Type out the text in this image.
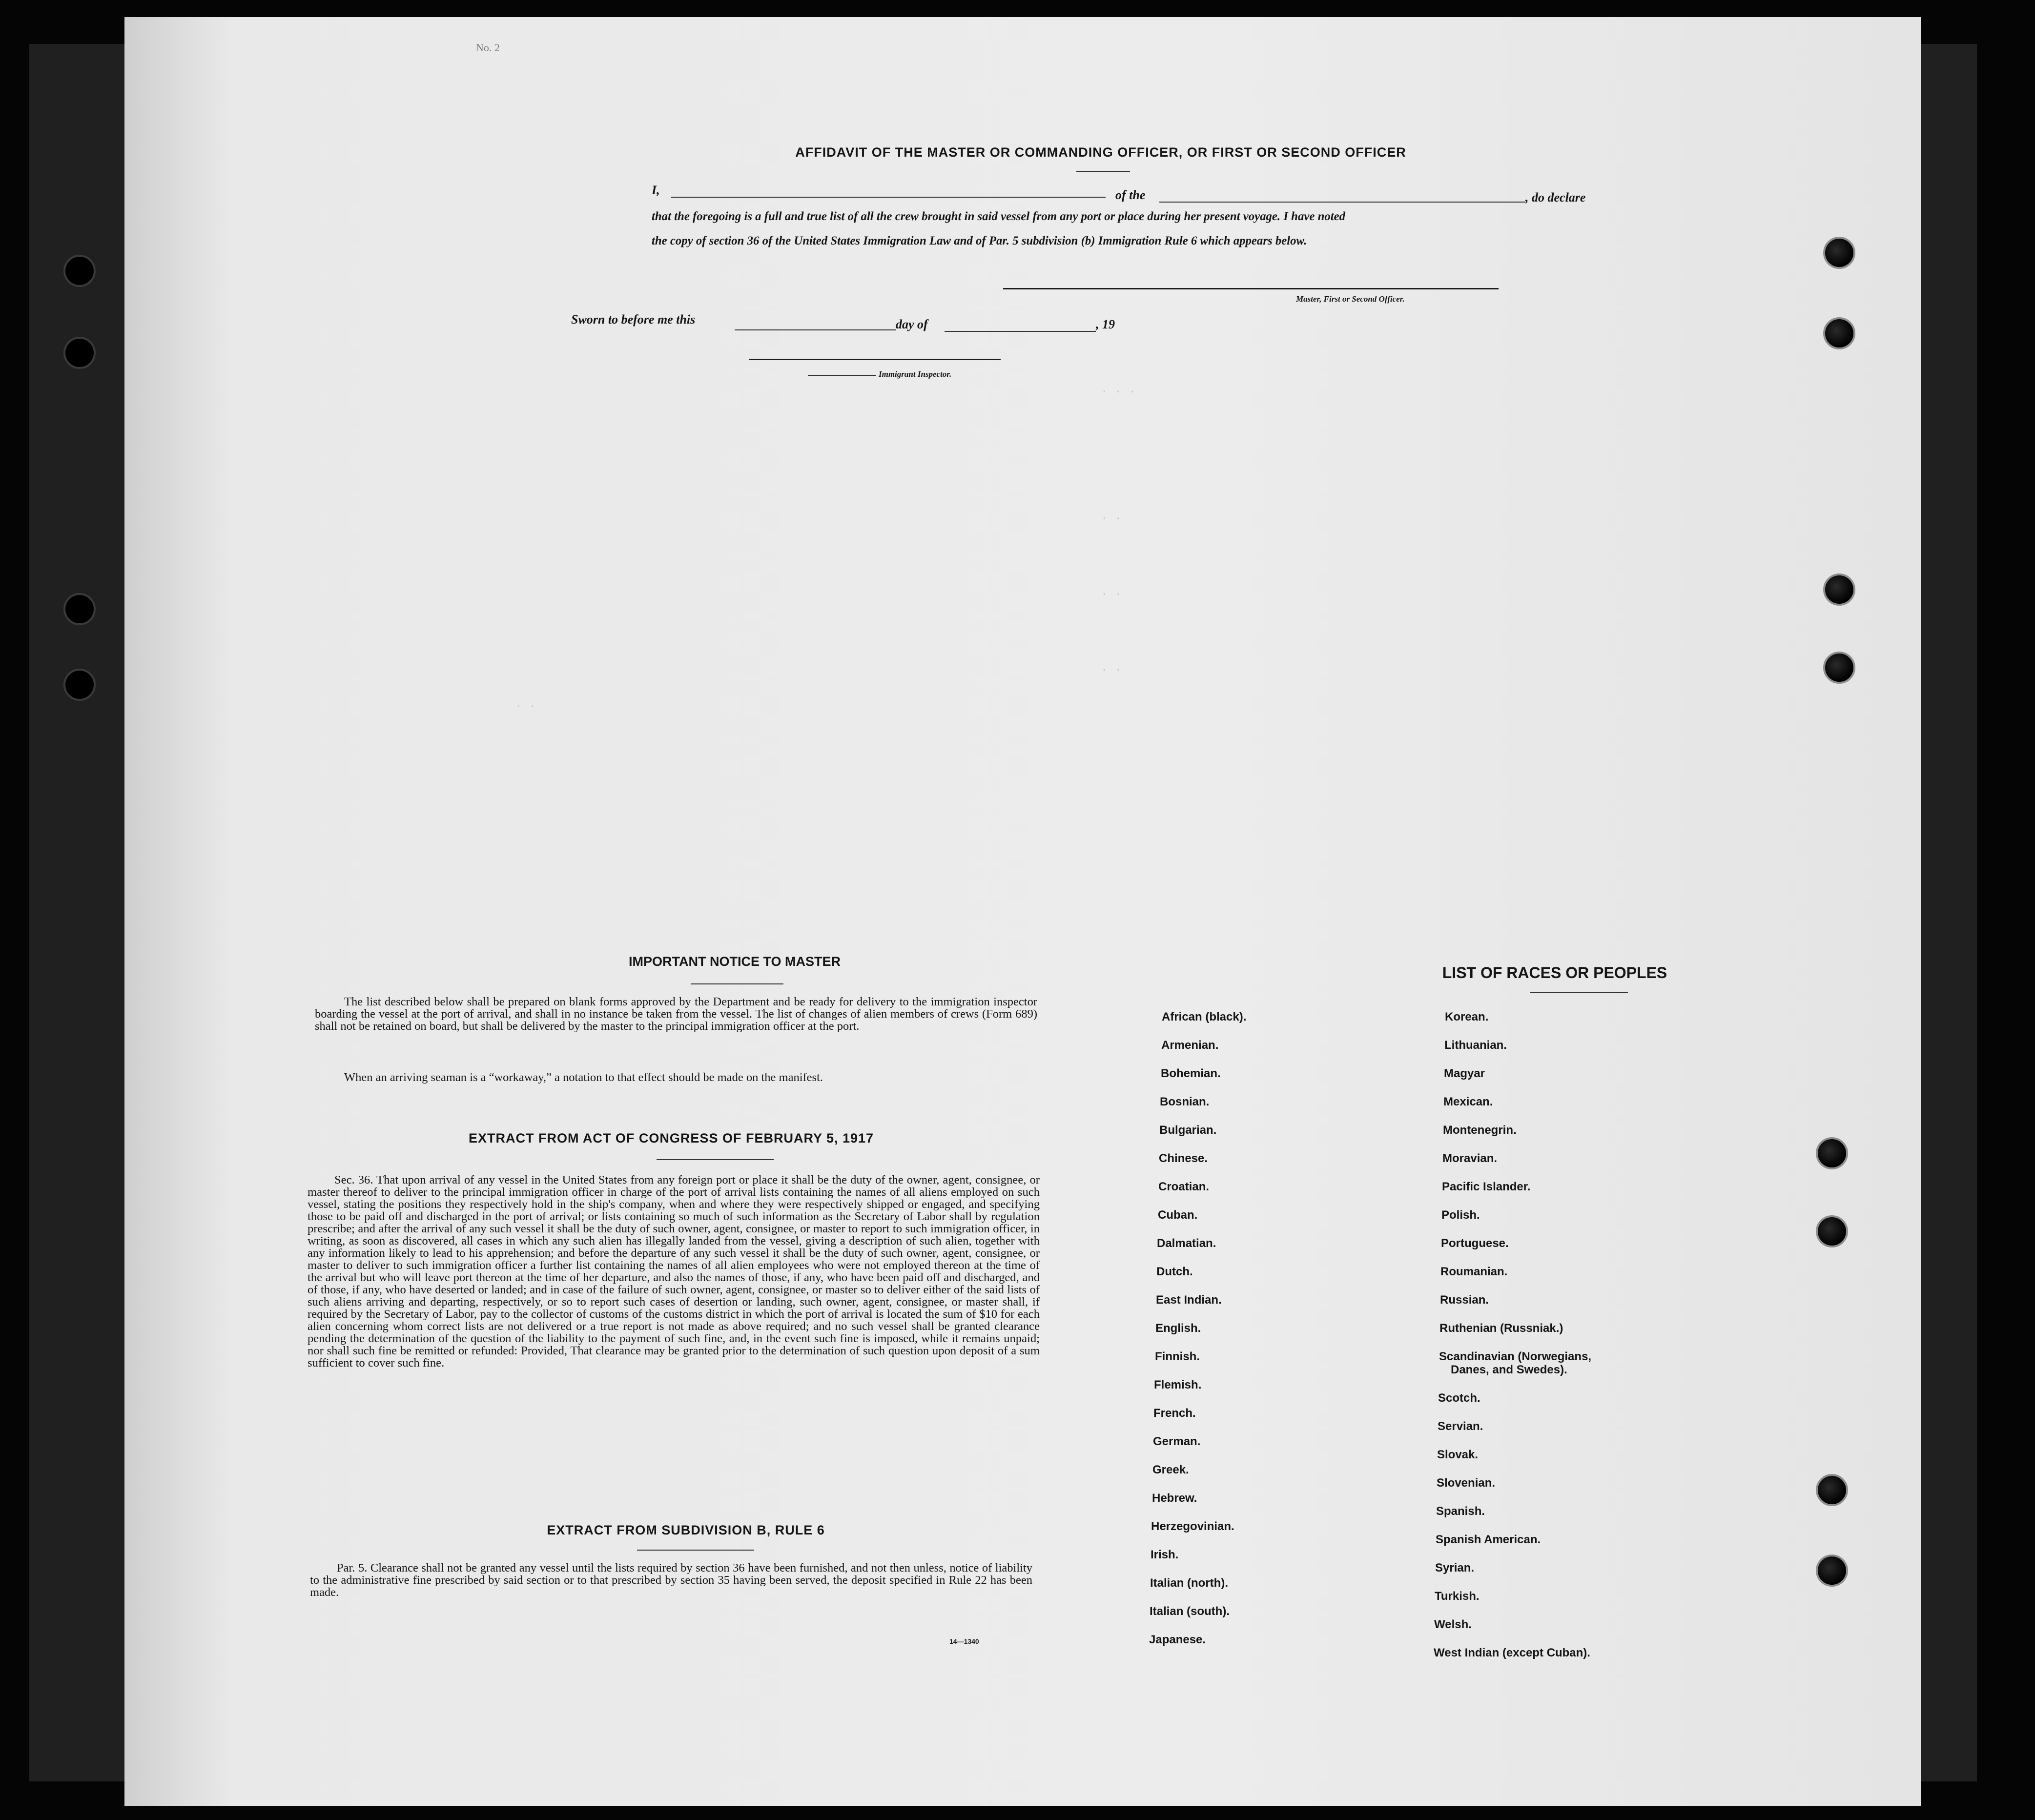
No. 2
AFFIDAVIT OF THE MASTER OR COMMANDING OFFICER, OR FIRST OR SECOND OFFICER
I,	of the	, do declare
that the foregoing is a full and true list of all the crew brought in said vessel from any port or place during her present voyage. I have noted
the copy of section 36 of the United States Immigration Law and of Par. 5 subdivision (b) Immigration Rule 6 which appears below.
Master, First or Second Officer.
Sworn to before me this	day of	, 19
Immigrant Inspector.
. . .
. .
. .
. .
. .
IMPORTANT NOTICE TO MASTER
The list described below shall be prepared on blank forms approved by the Department and be ready for delivery to the immigration inspector boarding the vessel at the port of arrival, and shall in no instance be taken from the vessel. The list of changes of alien members of crews (Form 689) shall not be retained on board, but shall be delivered by the master to the principal immigration officer at the port.
When an arriving seaman is a “workaway,” a notation to that effect should be made on the manifest.
EXTRACT FROM ACT OF CONGRESS OF FEBRUARY 5, 1917
Sec. 36. That upon arrival of any vessel in the United States from any foreign port or place it shall be the duty of the owner, agent, consignee, or master thereof to deliver to the principal immigration officer in charge of the port of arrival lists containing the names of all aliens employed on such vessel, stating the positions they respectively hold in the ship's company, when and where they were respectively shipped or engaged, and specifying those to be paid off and discharged in the port of arrival; or lists containing so much of such information as the Secretary of Labor shall by regulation prescribe; and after the arrival of any such vessel it shall be the duty of such owner, agent, consignee, or master to report to such immigration officer, in writing, as soon as discovered, all cases in which any such alien has illegally landed from the vessel, giving a description of such alien, together with any information likely to lead to his apprehension; and before the departure of any such vessel it shall be the duty of such owner, agent, consignee, or master to deliver to such immigration officer a further list containing the names of all alien employees who were not employed thereon at the time of the arrival but who will leave port thereon at the time of her departure, and also the names of those, if any, who have been paid off and discharged, and of those, if any, who have deserted or landed; and in case of the failure of such owner, agent, consignee, or master so to deliver either of the said lists of such aliens arriving and departing, respectively, or so to report such cases of desertion or landing, such owner, agent, consignee, or master shall, if required by the Secretary of Labor, pay to the collector of customs of the customs district in which the port of arrival is located the sum of $10 for each alien concerning whom correct lists are not delivered or a true report is not made as above required; and no such vessel shall be granted clearance pending the determination of the question of the liability to the payment of such fine, and, in the event such fine is imposed, while it remains unpaid; nor shall such fine be remitted or refunded: Provided, That clearance may be granted prior to the determination of such question upon deposit of a sum sufficient to cover such fine.
EXTRACT FROM SUBDIVISION B, RULE 6
Par. 5. Clearance shall not be granted any vessel until the lists required by section 36 have been furnished, and not then unless, notice of liability to the administrative fine prescribed by said section or to that prescribed by section 35 having been served, the deposit specified in Rule 22 has been made.
14—1340
LIST OF RACES OR PEOPLES
African (black).
Armenian.
Bohemian.
Bosnian.
Bulgarian.
Chinese.
Croatian.
Cuban.
Dalmatian.
Dutch.
East Indian.
English.
Finnish.
Flemish.
French.
German.
Greek.
Hebrew.
Herzegovinian.
Irish.
Italian (north).
Italian (south).
Japanese.
Korean.
Lithuanian.
Magyar
Mexican.
Montenegrin.
Moravian.
Pacific Islander.
Polish.
Portuguese.
Roumanian.
Russian.
Ruthenian (Russniak.)
Scandinavian (Norwegians,
Danes, and Swedes).
Scotch.
Servian.
Slovak.
Slovenian.
Spanish.
Spanish American.
Syrian.
Turkish.
Welsh.
West Indian (except Cuban).
